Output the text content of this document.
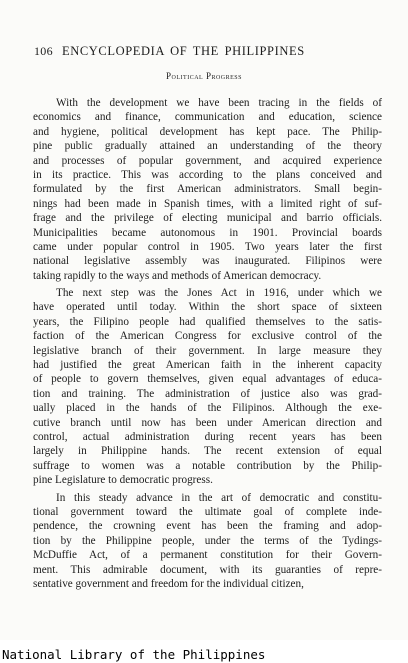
106 ENCYCLOPEDIA OF THE PHILIPPINES
Political Progress
With the development we have been tracing in the fields of
economics and finance, communication and education, science
and hygiene, political development has kept pace. The Philip-
pine public gradually attained an understanding of the theory
and processes of popular government, and acquired experience
in its practice. This was according to the plans conceived and
formulated by the first American administrators. Small begin-
nings had been made in Spanish times, with a limited right of suf-
frage and the privilege of electing municipal and barrio officials.
Municipalities became autonomous in 1901. Provincial boards
came under popular control in 1905. Two years later the first
national legislative assembly was inaugurated. Filipinos were
taking rapidly to the ways and methods of American democracy.
The next step was the Jones Act in 1916, under which we
have operated until today. Within the short space of sixteen
years, the Filipino people had qualified themselves to the satis-
faction of the American Congress for exclusive control of the
legislative branch of their government. In large measure they
had justified the great American faith in the inherent capacity
of people to govern themselves, given equal advantages of educa-
tion and training. The administration of justice also was grad-
ually placed in the hands of the Filipinos. Although the exe-
cutive branch until now has been under American direction and
control, actual administration during recent years has been
largely in Philippine hands. The recent extension of equal
suffrage to women was a notable contribution by the Philip-
pine Legislature to democratic progress.
In this steady advance in the art of democratic and constitu-
tional government toward the ultimate goal of complete inde-
pendence, the crowning event has been the framing and adop-
tion by the Philippine people, under the terms of the Tydings-
McDuffie Act, of a permanent constitution for their Govern-
ment. This admirable document, with its guaranties of repre-
sentative government and freedom for the individual citizen,
National Library of the Philippines
